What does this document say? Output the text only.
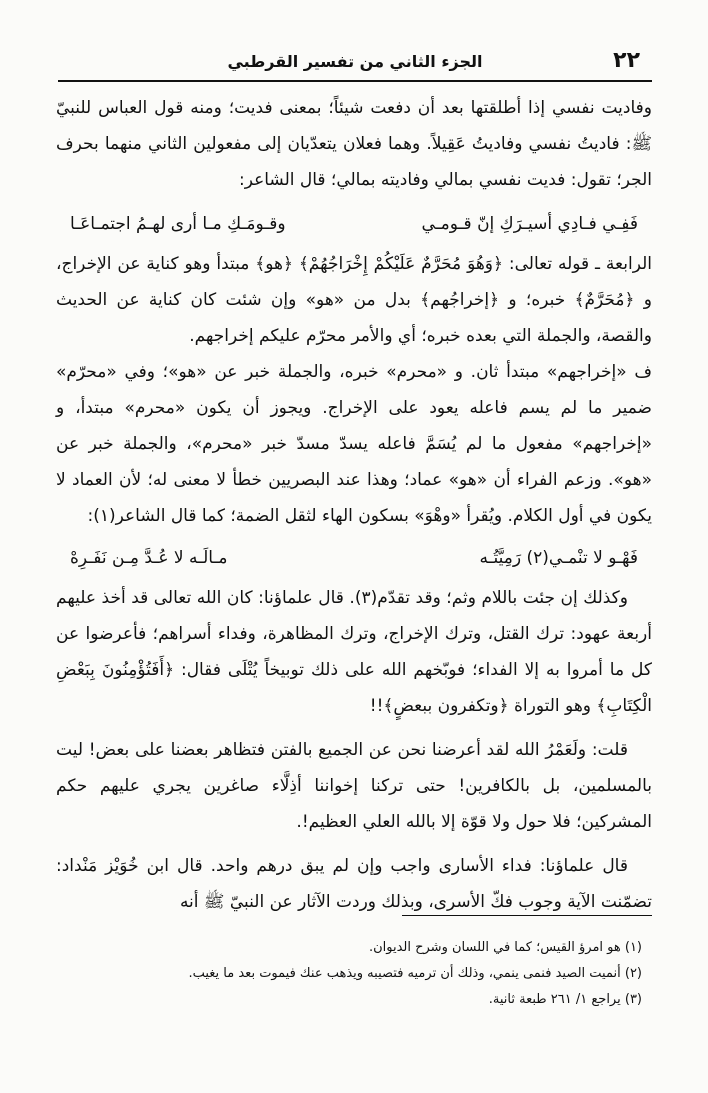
٢٢
الجزء الثاني من تفسير القرطبي

وفاديت نفسي إذا أطلقتها بعد أن دفعت شيئاً؛ بمعنى فديت؛ ومنه قول العباس للنبيّ ﷺ: فاديتُ نفسي وفاديتُ عَقِيلاً. وهما فعلان يتعدّيان إلى مفعولين الثاني منهما بحرف الجر؛ تقول: فديت نفسي بمالي وفاديته بمالي؛ قال الشاعر:

فَفِـي فـادِي أسيـرَكِ إنّ قـومـي
وقـومَـكِ مـا أرى لهـمُ اجتمـاعَـا

الرابعة ـ قوله تعالى: ﴿وَهُوَ مُحَرَّمٌ عَلَيْكُمْ إِخْرَاجُهُمْ﴾ ﴿هو﴾ مبتدأ وهو كناية عن الإخراج، و ﴿مُحَرَّمٌ﴾ خبره؛ و ﴿إخراجُهم﴾ بدل من «هو» وإن شئت كان كناية عن الحديث والقصة، والجملة التي بعده خبره؛ أي والأمر محرّم عليكم إخراجهم.

ف «إخراجهم» مبتدأ ثان. و «محرم» خبره، والجملة خبر عن «هو»؛ وفي «محرّم» ضمير ما لم يسم فاعله يعود على الإخراج. ويجوز أن يكون «محرم» مبتدأ، و «إخراجهم» مفعول ما لم يُسَمَّ فاعله يسدّ مسدّ خبر «محرم»، والجملة خبر عن «هو». وزعم الفراء أن «هو» عماد؛ وهذا عند البصريين خطأ لا معنى له؛ لأن العماد لا يكون في أول الكلام. ويُقرأ «وهْوَ» بسكون الهاء لثقل الضمة؛ كما قال الشاعر(١):

فَهْـو لا تنْمـي(٢) رَمِيَّتُـه
مـالَـه لا عُـدَّ مِـن نَفَـرِهْ

وكذلك إن جئت باللام وثم؛ وقد تقدّم(٣). قال علماؤنا: كان الله تعالى قد أخذ عليهم أربعة عهود: ترك القتل، وترك الإخراج، وترك المظاهرة، وفداء أسراهم؛ فأعرضوا عن كل ما أمروا به إلا الفداء؛ فوبّخهم الله على ذلك توبيخاً يُتْلَى فقال: ﴿أَفَتُؤْمِنُونَ بِبَعْضِ الْكِتَابِ﴾ وهو التوراة ﴿وتكفرون ببعضٍ﴾!!

قلت: ولَعَمْرُ الله لقد أعرضنا نحن عن الجميع بالفتن فتظاهر بعضنا على بعض! ليت بالمسلمين، بل بالكافرين! حتى تركنا إخواننا أذِلَّاء صاغرين يجري عليهم حكم المشركين؛ فلا حول ولا قوّة إلا بالله العلي العظيم!.

قال علماؤنا: فداء الأسارى واجب وإن لم يبق درهم واحد. قال ابن خُوَيْز مَنْداد: تضمّنت الآية وجوب فكّ الأسرى، وبذلك وردت الآثار عن النبيّ ﷺ أنه

(١) هو امرؤ القيس؛ كما في اللسان وشرح الديوان.

(٢) أنميت الصيد فنمى ينمي، وذلك أن ترميه فتصيبه ويذهب عنك فيموت بعد ما يغيب.

(٣) يراجع ١/ ٢٦١ طبعة ثانية.
